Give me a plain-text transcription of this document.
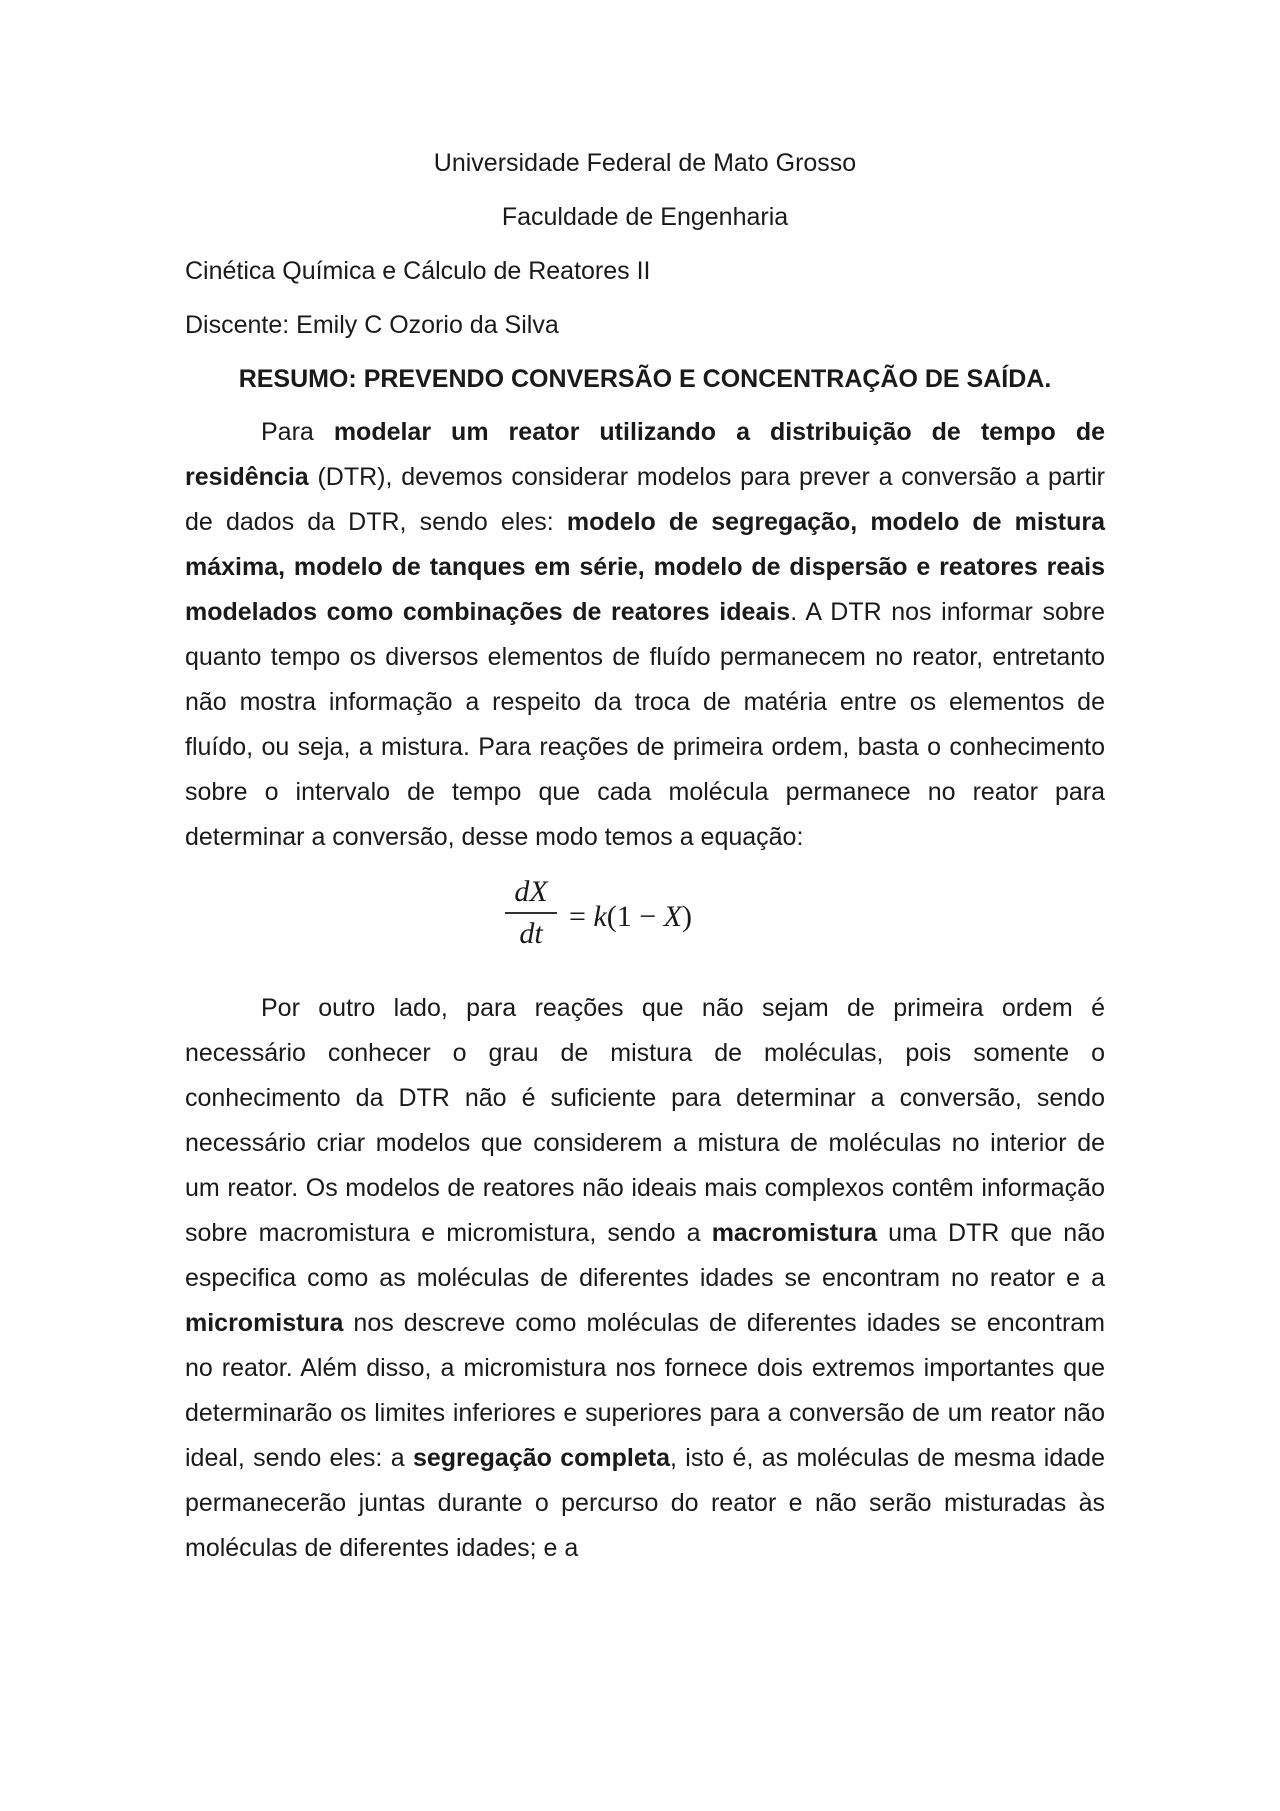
Universidade Federal de Mato Grosso

Faculdade de Engenharia

Cinética Química e Cálculo de Reatores II

Discente: Emily C Ozorio da Silva

RESUMO: PREVENDO CONVERSÃO E CONCENTRAÇÃO DE SAÍDA.

Para modelar um reator utilizando a distribuição de tempo de residência (DTR), devemos considerar modelos para prever a conversão a partir de dados da DTR, sendo eles: modelo de segregação, modelo de mistura máxima, modelo de tanques em série, modelo de dispersão e reatores reais modelados como combinações de reatores ideais. A DTR nos informar sobre quanto tempo os diversos elementos de fluído permanecem no reator, entretanto não mostra informação a respeito da troca de matéria entre os elementos de fluído, ou seja, a mistura. Para reações de primeira ordem, basta o conhecimento sobre o intervalo de tempo que cada molécula permanece no reator para determinar a conversão, desse modo temos a equação:

dX
dt
= k(1 − X)

Por outro lado, para reações que não sejam de primeira ordem é necessário conhecer o grau de mistura de moléculas, pois somente o conhecimento da DTR não é suficiente para determinar a conversão, sendo necessário criar modelos que considerem a mistura de moléculas no interior de um reator. Os modelos de reatores não ideais mais complexos contêm informação sobre macromistura e micromistura, sendo a macromistura uma DTR que não especifica como as moléculas de diferentes idades se encontram no reator e a micromistura nos descreve como moléculas de diferentes idades se encontram no reator. Além disso, a micromistura nos fornece dois extremos importantes que determinarão os limites inferiores e superiores para a conversão de um reator não ideal, sendo eles: a segregação completa, isto é, as moléculas de mesma idade permanecerão juntas durante o percurso do reator e não serão misturadas às moléculas de diferentes idades; e a
